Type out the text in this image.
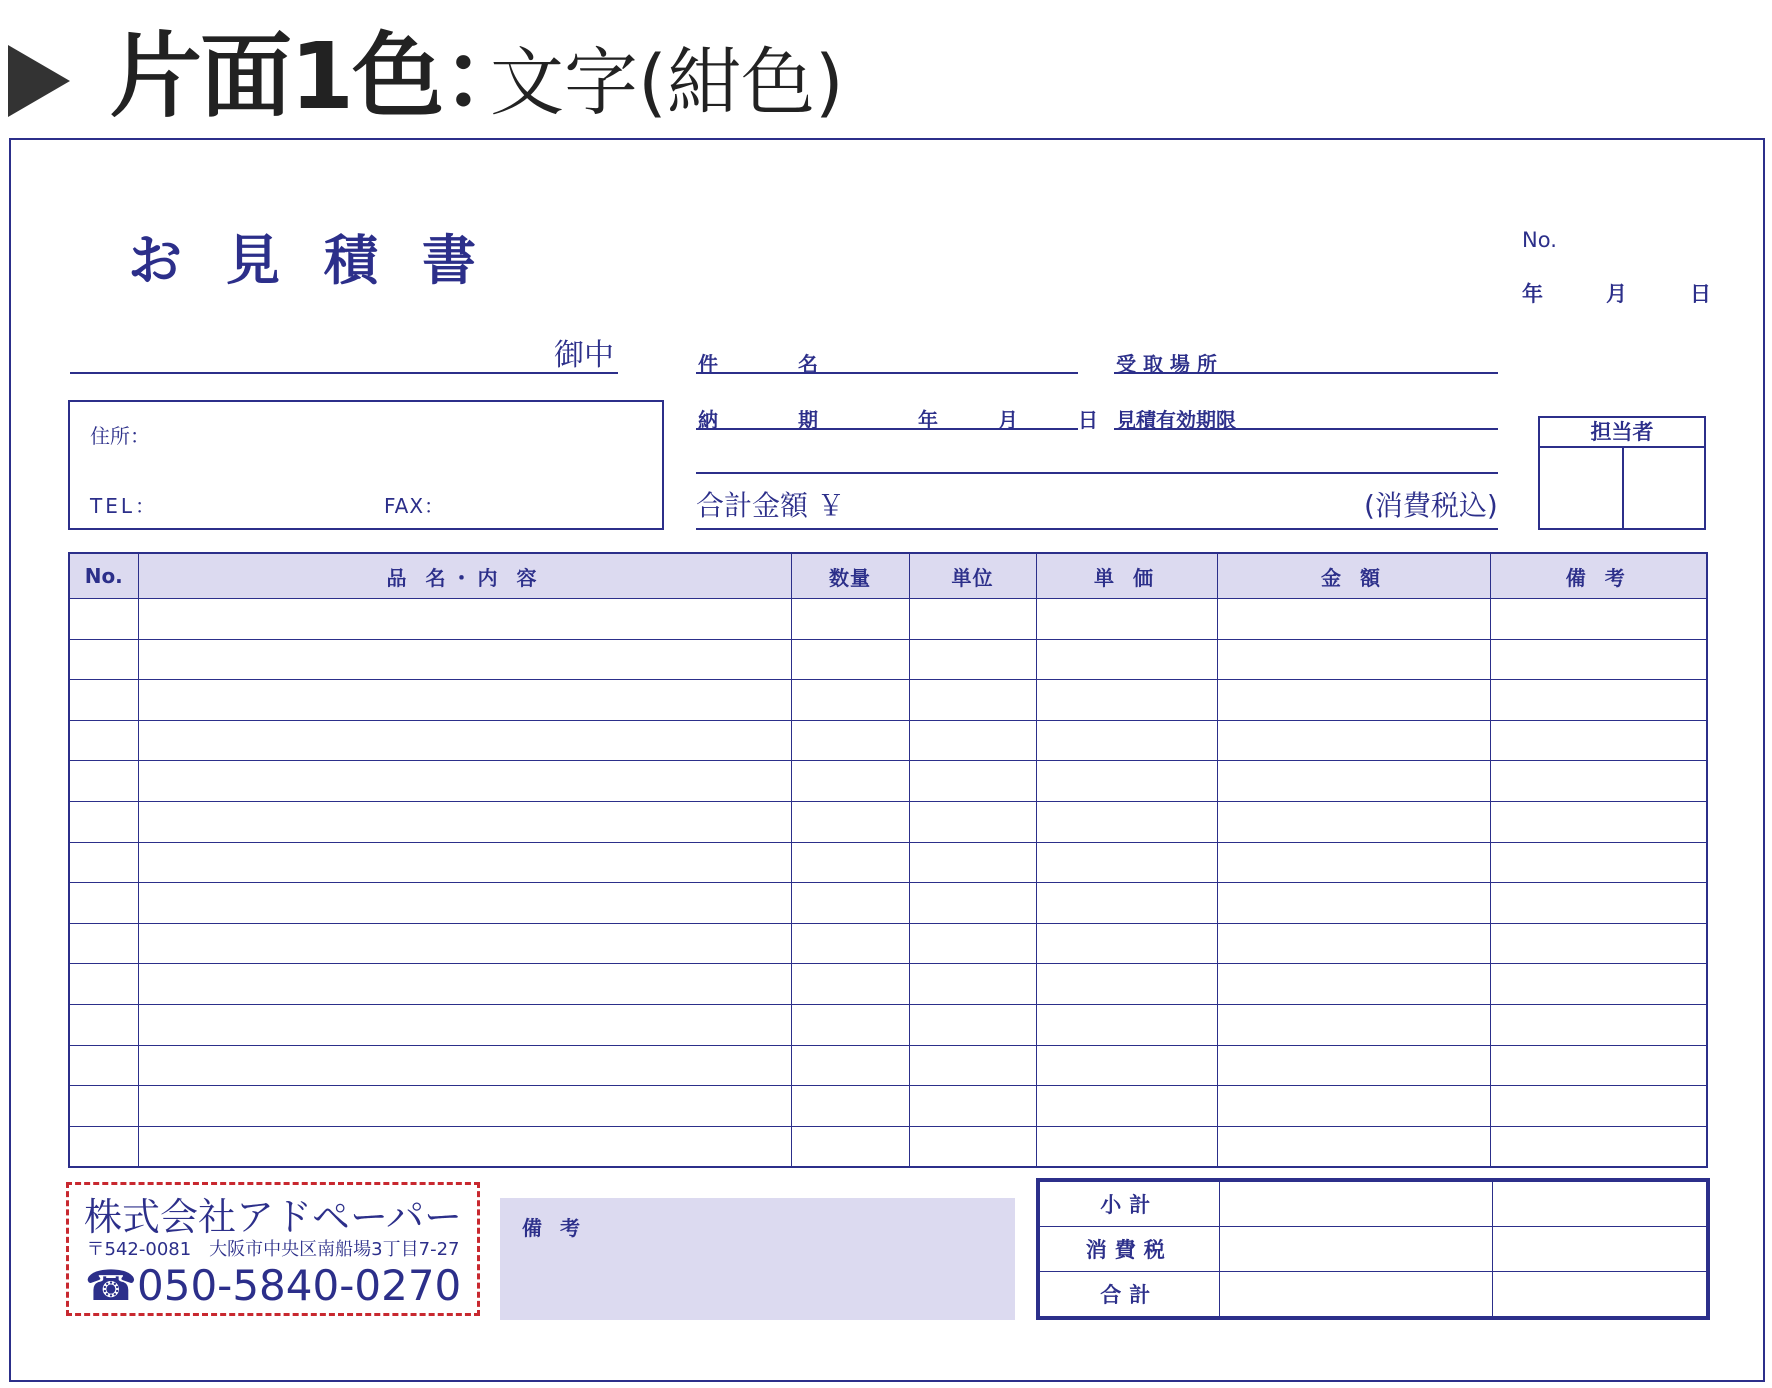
片面1色：
文字(紺色)
お見積書	No.
年　　　月　　　日
御中	件　　　　名	受 取 場 所
納　　　　期　　　　　年　　　月　　　日 見積有効期限
住所：
TEL：	FAX：	合計金額 ￥	(消費税込)
担当者
No.	品 名・内 容	数量	単位	単 価	金 額	備 考

小計		
消費税		
合計		
株式会社アドペーパー
〒542-0081　大阪市中央区南船場3丁目7-27
☎050-5840-0270
備考
